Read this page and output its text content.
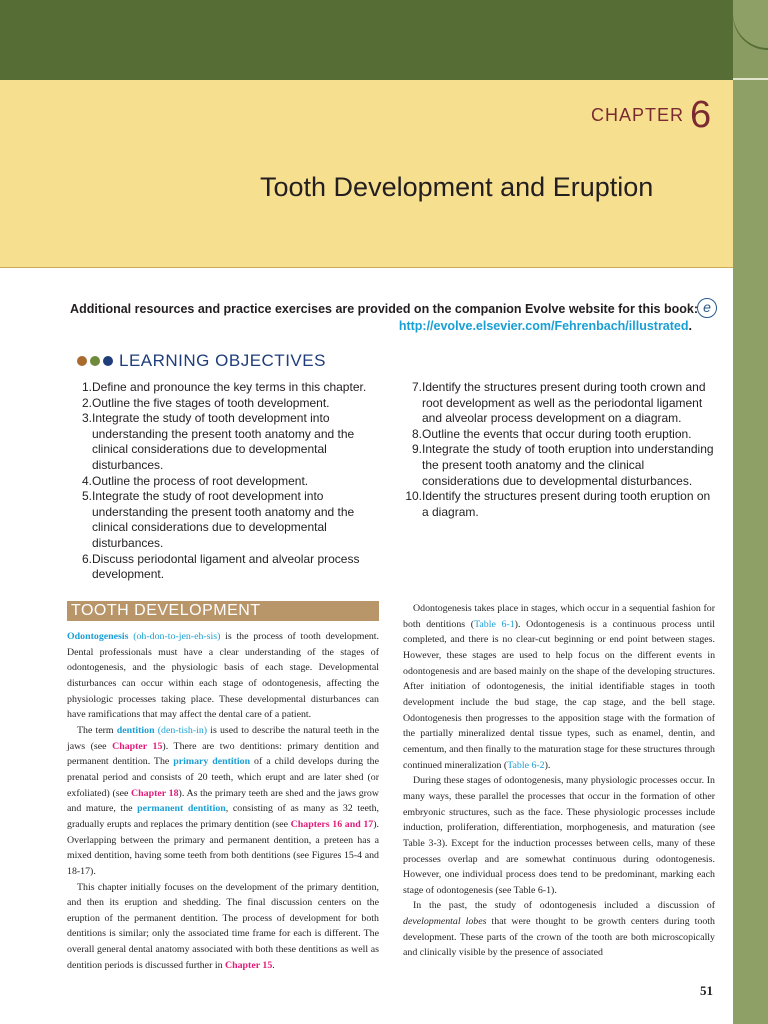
CHAPTER 6
Tooth Development and Eruption
Additional resources and practice exercises are provided on the companion Evolve website for this book:
http://evolve.elsevier.com/Fehrenbach/illustrated.
e
LEARNING OBJECTIVES
1. Define and pronounce the key terms in this chapter.
2. Outline the five stages of tooth development.
3. Integrate the study of tooth development into understanding the present tooth anatomy and the clinical considerations due to developmental disturbances.
4. Outline the process of root development.
5. Integrate the study of root development into understanding the present tooth anatomy and the clinical considerations due to developmental disturbances.
6. Discuss periodontal ligament and alveolar process development.
7. Identify the structures present during tooth crown and root development as well as the periodontal ligament and alveolar process development on a diagram.
8. Outline the events that occur during tooth eruption.
9. Integrate the study of tooth eruption into understanding the present tooth anatomy and the clinical considerations due to developmental disturbances.
10. Identify the structures present during tooth eruption on a diagram.
TOOTH DEVELOPMENT

Odontogenesis (oh-don-to-jen-eh-sis) is the process of tooth development. Dental professionals must have a clear understanding of the stages of odontogenesis, and the physiologic basis of each stage. Developmental disturbances can occur within each stage of odontogenesis, affecting the physiologic processes taking place. These developmental disturbances can have ramifications that may affect the dental care of a patient.

The term dentition (den-tish-in) is used to describe the natural teeth in the jaws (see Chapter 15). There are two dentitions: primary dentition and permanent dentition. The primary dentition of a child develops during the prenatal period and consists of 20 teeth, which erupt and are later shed (or exfoliated) (see Chapter 18). As the primary teeth are shed and the jaws grow and mature, the permanent dentition, consisting of as many as 32 teeth, gradually erupts and replaces the primary dentition (see Chapters 16 and 17). Overlapping between the primary and permanent dentition, a preteen has a mixed dentition, having some teeth from both dentitions (see Figures 15-4 and 18-17).

This chapter initially focuses on the development of the primary dentition, and then its eruption and shedding. The final discussion centers on the eruption of the permanent dentition. The process of development for both dentitions is similar; only the associated time frame for each is different. The overall general dental anatomy associated with both these dentitions as well as dentition periods is discussed further in Chapter 15.

Odontogenesis takes place in stages, which occur in a sequential fashion for both dentitions (Table 6-1). Odontogenesis is a continuous process until completed, and there is no clear-cut beginning or end point between stages. However, these stages are used to help focus on the different events in odontogenesis and are based mainly on the shape of the developing structures. After initiation of odontogenesis, the initial identifiable stages in tooth development include the bud stage, the cap stage, and the bell stage. Odontogenesis then progresses to the apposition stage with the formation of the partially mineralized dental tissue types, such as enamel, dentin, and cementum, and then finally to the maturation stage for these structures through continued mineralization (Table 6-2).

During these stages of odontogenesis, many physiologic processes occur. In many ways, these parallel the processes that occur in the formation of other embryonic structures, such as the face. These physiologic processes include induction, proliferation, differentiation, morphogenesis, and maturation (see Table 3-3). Except for the induction processes between cells, many of these processes overlap and are somewhat continuous during odontogenesis. However, one individual process does tend to be predominant, marking each stage of odontogenesis (see Table 6-1).

In the past, the study of odontogenesis included a discussion of developmental lobes that were thought to be growth centers during tooth development. These parts of the crown of the tooth are both microscopically and clinically visible by the presence of associated

51
